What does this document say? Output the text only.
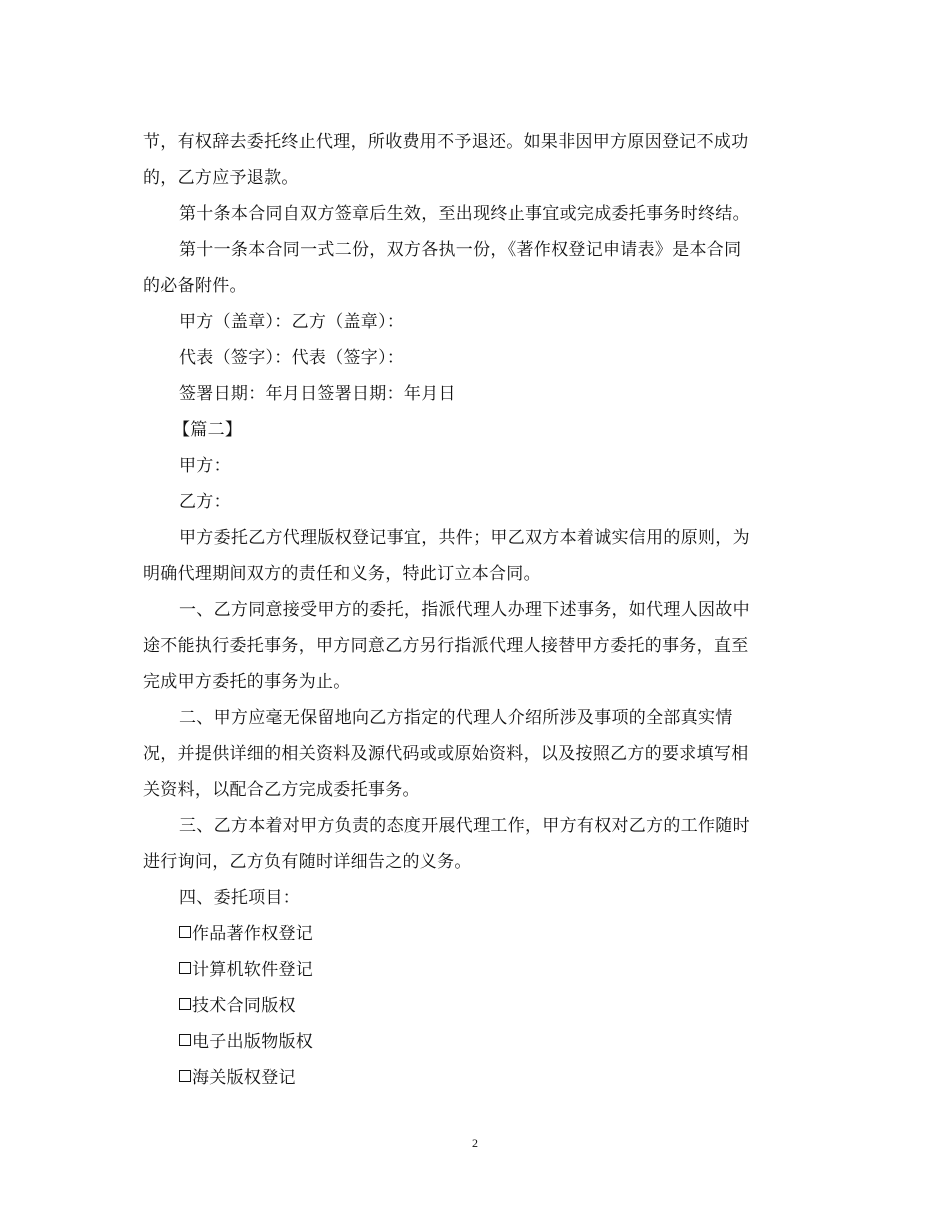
节，有权辞去委托终止代理，所收费用不予退还。如果非因甲方原因登记不成功
的，乙方应予退款。
第十条本合同自双方签章后生效，至出现终止事宜或完成委托事务时终结。
第十一条本合同一式二份，双方各执一份，《著作权登记申请表》是本合同
的必备附件。
甲方（盖章）：乙方（盖章）：
代表（签字）：代表（签字）：
签署日期：年月日签署日期：年月日
【篇二】
甲方：
乙方：
甲方委托乙方代理版权登记事宜，共件；甲乙双方本着诚实信用的原则，为
明确代理期间双方的责任和义务，特此订立本合同。
一、乙方同意接受甲方的委托，指派代理人办理下述事务，如代理人因故中
途不能执行委托事务，甲方同意乙方另行指派代理人接替甲方委托的事务，直至
完成甲方委托的事务为止。
二、甲方应毫无保留地向乙方指定的代理人介绍所涉及事项的全部真实情
况，并提供详细的相关资料及源代码或或原始资料，以及按照乙方的要求填写相
关资料，以配合乙方完成委托事务。
三、乙方本着对甲方负责的态度开展代理工作，甲方有权对乙方的工作随时
进行询问，乙方负有随时详细告之的义务。
四、委托项目：
作品著作权登记
计算机软件登记
技术合同版权
电子出版物版权
海关版权登记
2
